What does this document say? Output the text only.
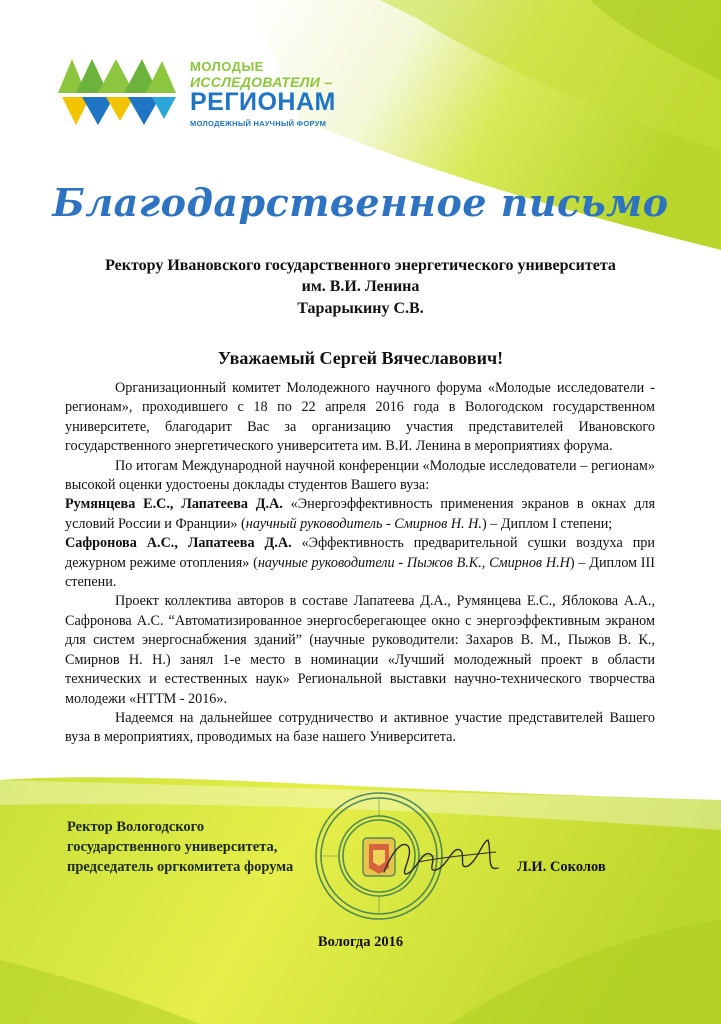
МОЛОДЫЕ
ИССЛЕДОВАТЕЛИ –
РЕГИОНАМ
МОЛОДЕЖНЫЙ НАУЧНЫЙ ФОРУМ
Благодарственное письмо
Ректору Ивановского государственного энергетического университета
им. В.И. Ленина
Тарарыкину С.В.
Уважаемый Сергей Вячеславович!

Организационный комитет Молодежного научного форума «Молодые исследователи - регионам», проходившего с 18 по 22 апреля 2016 года в Вологодском государственном университете, благодарит Вас за организацию участия представителей Ивановского государственного энергетического университета им. В.И. Ленина в мероприятиях форума.

По итогам Международной научной конференции «Молодые исследователи – регионам» высокой оценки удостоены доклады студентов Вашего вуза:

Румянцева Е.С., Лапатеева Д.А. «Энергоэффективность применения экранов в окнах для условий России и Франции» (научный руководитель - Смирнов Н. Н.) – Диплом I степени;

Сафронова А.С., Лапатеева Д.А. «Эффективность предварительной сушки воздуха при дежурном режиме отопления» (научные руководители - Пыжов В.К., Смирнов Н.Н) – Диплом III степени.

Проект коллектива авторов в составе Лапатеева Д.А., Румянцева Е.С., Яблокова А.А., Сафронова А.С. “Автоматизированное энергосберегающее окно с энергоэффективным экраном для систем энергоснабжения зданий” (научные руководители: Захаров В. М., Пыжов В. К., Смирнов Н. Н.) занял 1-е место в номинации «Лучший молодежный проект в области технических и естественных наук» Региональной выставки научно-технического творчества молодежи «НТТМ - 2016».

Надеемся на дальнейшее сотрудничество и активное участие представителей Вашего вуза в мероприятиях, проводимых на базе нашего Университета.

Ректор Вологодского
государственного университета,
председатель оргкомитета форума	Л.И. Соколов
Вологда 2016
